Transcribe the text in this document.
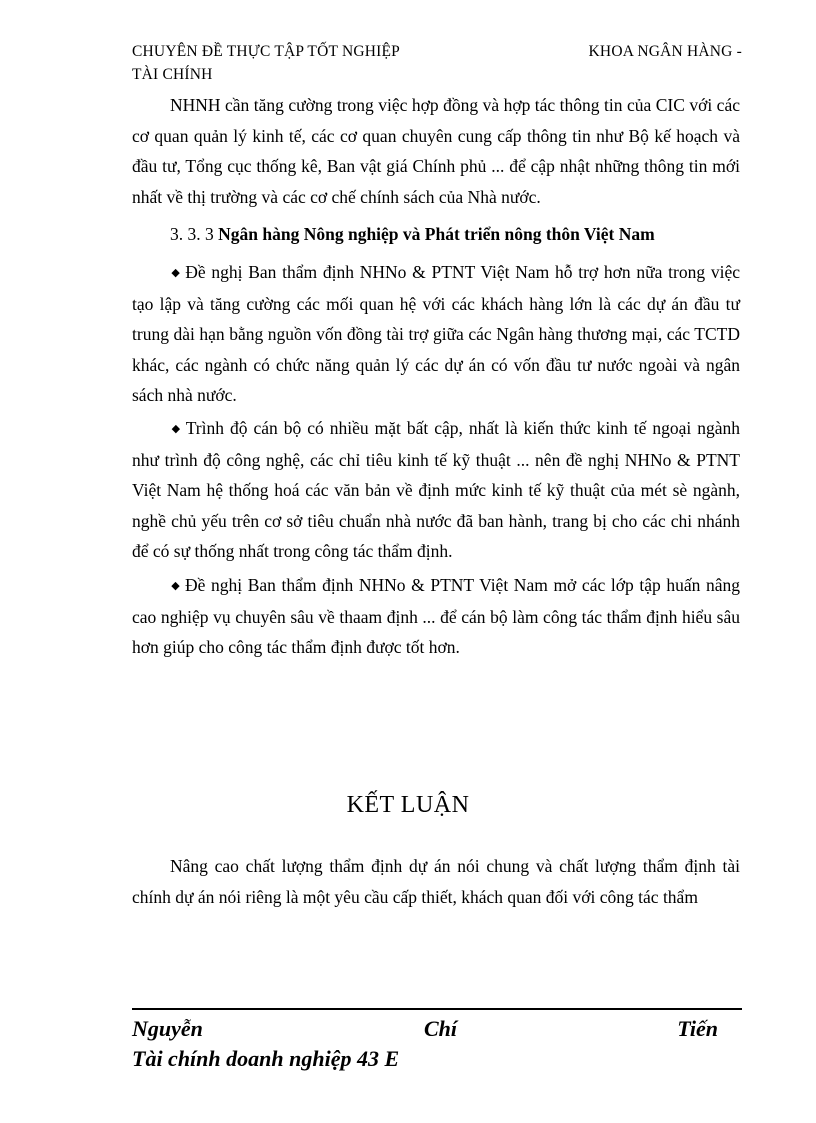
CHUYÊN ĐỀ THỰC TẬP TỐT NGHIỆP	KHOA NGÂN HÀNG -
TÀI CHÍNH

NHNH cần tăng cường trong việc hợp đồng và hợp tác thông tin của CIC với các cơ quan quản lý kinh tế, các cơ quan chuyên cung cấp thông tin như Bộ kế hoạch và đầu tư, Tổng cục thống kê, Ban vật giá Chính phủ ... để cập nhật những thông tin mới nhất về thị trường và các cơ chế chính sách của Nhà nước.

3. 3. 3 Ngân hàng Nông nghiệp và Phát triển nông thôn Việt Nam

◆ Đề nghị Ban thẩm định NHNo & PTNT Việt Nam hỗ trợ hơn nữa trong việc tạo lập và tăng cường các mối quan hệ với các khách hàng lớn là các dự án đầu tư trung dài hạn bằng nguồn vốn đồng tài trợ giữa các Ngân hàng thương mại, các TCTD khác, các ngành có chức năng quản lý các dự án có vốn đầu tư nước ngoài và ngân sách nhà nước.

◆ Trình độ cán bộ có nhiều mặt bất cập, nhất là kiến thức kinh tế ngoại ngành như trình độ công nghệ, các chỉ tiêu kinh tế kỹ thuật ... nên đề nghị NHNo & PTNT Việt Nam hệ thống hoá các văn bản về định mức kinh tế kỹ thuật của mét sè ngành, nghề chủ yếu trên cơ sở tiêu chuẩn nhà nước đã ban hành, trang bị cho các chi nhánh để có sự thống nhất trong công tác thẩm định.

◆ Đề nghị Ban thẩm định NHNo & PTNT Việt Nam mở các lớp tập huấn nâng cao nghiệp vụ chuyên sâu về thaam định ... để cán bộ làm công tác thẩm định hiểu sâu hơn giúp cho công tác thẩm định được tốt hơn.

KẾT LUẬN

Nâng cao chất lượng thẩm định dự án nói chung và chất lượng thẩm định tài chính dự án nói riêng là một yêu cầu cấp thiết, khách quan đối với công tác thẩm

Nguyễn	Chí	Tiến
Tài chính doanh nghiệp 43 E
